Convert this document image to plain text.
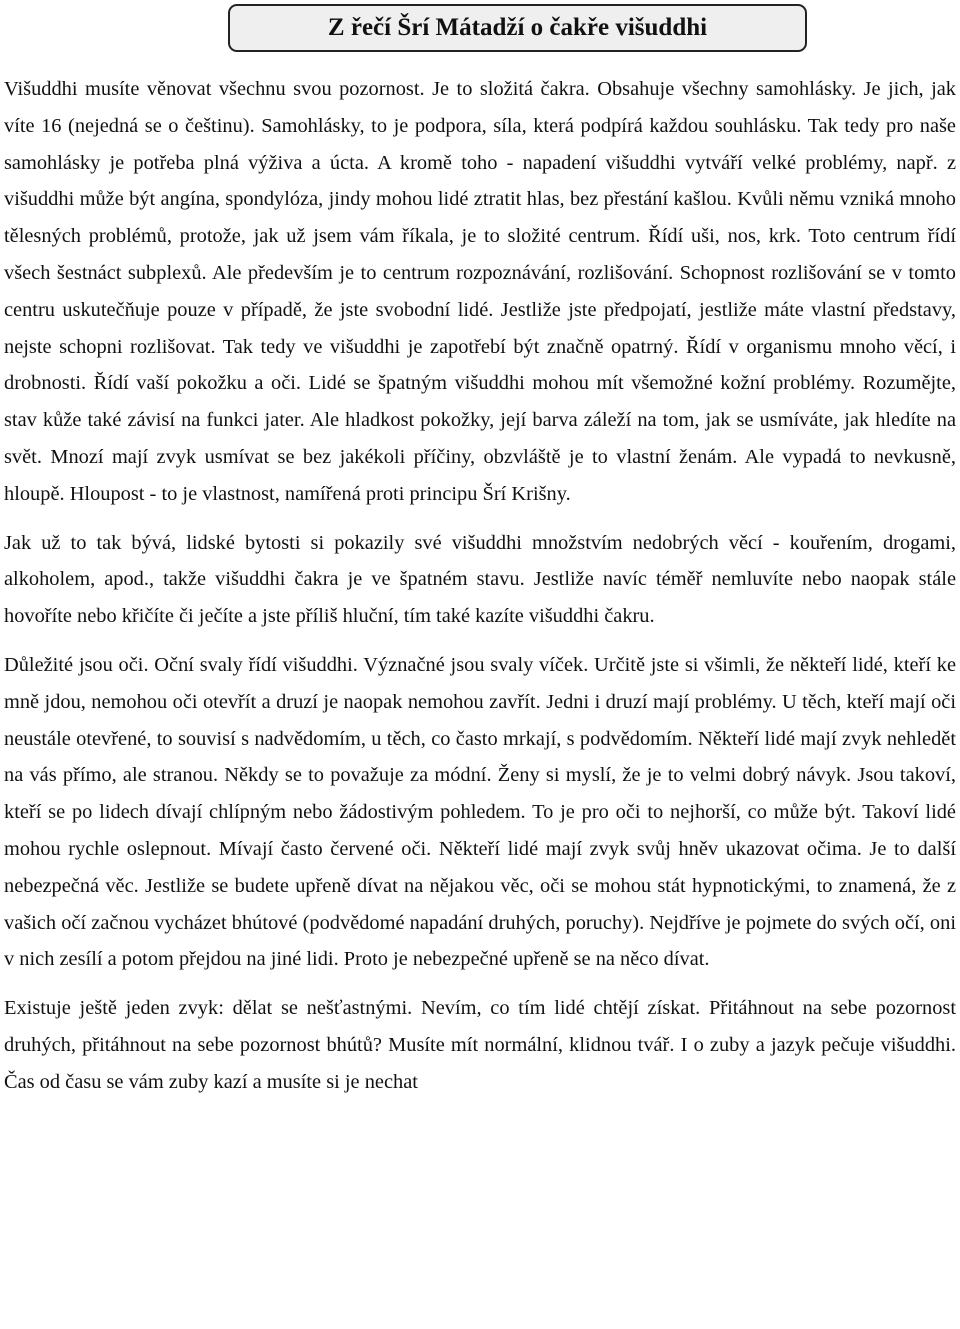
Z řečí Šrí Mátadží o čakře višuddhi

Višuddhi musíte věnovat všechnu svou pozornost. Je to složitá čakra. Obsahuje všechny samohlásky. Je jich, jak víte 16 (nejedná se o češtinu). Samohlásky, to je podpora, síla, která podpírá každou souhlásku. Tak tedy pro naše samohlásky je potřeba plná výživa a úcta. A kromě toho - napadení višuddhi vytváří velké problémy, např. z višuddhi může být angína, spondylóza, jindy mohou lidé ztratit hlas, bez přestání kašlou. Kvůli němu vzniká mnoho tělesných problémů, protože, jak už jsem vám říkala, je to složité centrum. Řídí uši, nos, krk. Toto centrum řídí všech šestnáct subplexů. Ale především je to centrum rozpoznávání, rozlišování. Schopnost rozlišování se v tomto centru uskutečňuje pouze v případě, že jste svobodní lidé. Jestliže jste předpojatí, jestliže máte vlastní představy, nejste schopni rozlišovat. Tak tedy ve višuddhi je zapotřebí být značně opatrný. Řídí v organismu mnoho věcí, i drobnosti. Řídí vaší pokožku a oči. Lidé se špatným višuddhi mohou mít všemožné kožní problémy. Rozumějte, stav kůže také závisí na funkci jater. Ale hladkost pokožky, její barva záleží na tom, jak se usmíváte, jak hledíte na svět. Mnozí mají zvyk usmívat se bez jakékoli příčiny, obzvláště je to vlastní ženám. Ale vypadá to nevkusně, hloupě. Hloupost - to je vlastnost, namířená proti principu Šrí Krišny.

Jak už to tak bývá, lidské bytosti si pokazily své višuddhi množstvím nedobrých věcí - kouřením, drogami, alkoholem, apod., takže višuddhi čakra je ve špatném stavu. Jestliže navíc téměř nemluvíte nebo naopak stále hovoříte nebo křičíte či ječíte a jste příliš hluční, tím také kazíte višuddhi čakru.

Důležité jsou oči. Oční svaly řídí višuddhi. Význačné jsou svaly víček. Určitě jste si všimli, že někteří lidé, kteří ke mně jdou, nemohou oči otevřít a druzí je naopak nemohou zavřít. Jedni i druzí mají problémy. U těch, kteří mají oči neustále otevřené, to souvisí s nadvědomím, u těch, co často mrkají, s podvědomím. Někteří lidé mají zvyk nehledět na vás přímo, ale stranou. Někdy se to považuje za módní. Ženy si myslí, že je to velmi dobrý návyk. Jsou takoví, kteří se po lidech dívají chlípným nebo žádostivým pohledem. To je pro oči to nejhorší, co může být. Takoví lidé mohou rychle oslepnout. Mívají často červené oči. Někteří lidé mají zvyk svůj hněv ukazovat očima. Je to další nebezpečná věc. Jestliže se budete upřeně dívat na nějakou věc, oči se mohou stát hypnotickými, to znamená, že z vašich očí začnou vycházet bhútové (podvědomé napadání druhých, poruchy). Nejdříve je pojmete do svých očí, oni v nich zesílí a potom přejdou na jiné lidi. Proto je nebezpečné upřeně se na něco dívat.

Existuje ještě jeden zvyk: dělat se nešťastnými. Nevím, co tím lidé chtějí získat. Přitáhnout na sebe pozornost druhých, přitáhnout na sebe pozornost bhútů? Musíte mít normální, klidnou tvář. I o zuby a jazyk pečuje višuddhi. Čas od času se vám zuby kazí a musíte si je nechat
